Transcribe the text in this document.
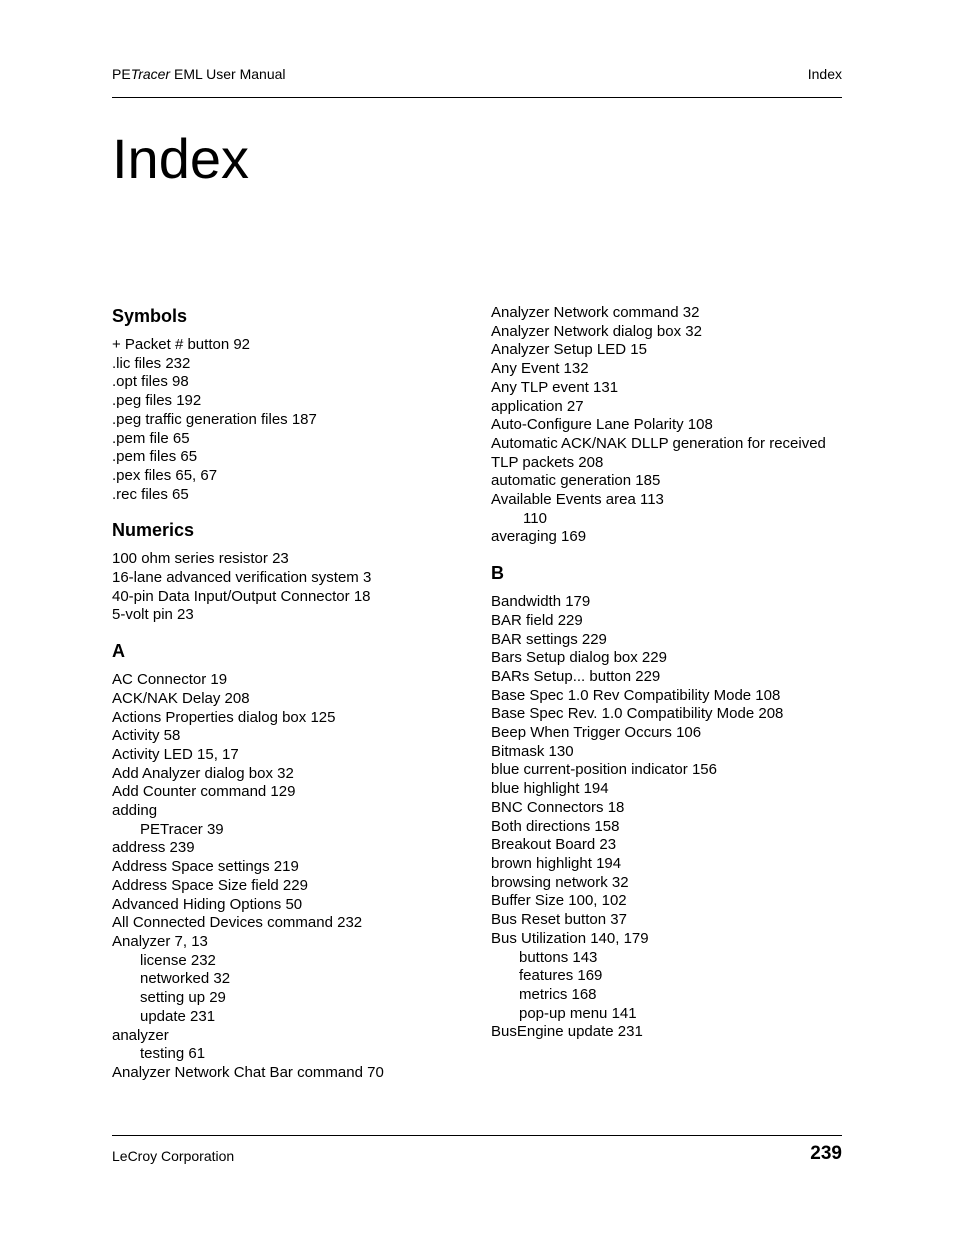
PETracer EML User Manual	Index
Index
Symbols
+ Packet # button 92
.lic files 232
.opt files 98
.peg files 192
.peg traffic generation files 187
.pem file 65
.pem files 65
.pex files 65, 67
.rec files 65
Numerics
100 ohm series resistor 23
16-lane advanced verification system 3
40-pin Data Input/Output Connector 18
5-volt pin 23
A
AC Connector 19
ACK/NAK Delay 208
Actions Properties dialog box 125
Activity 58
Activity LED 15, 17
Add Analyzer dialog box 32
Add Counter command 129
adding
PETracer 39
address 239
Address Space settings 219
Address Space Size field 229
Advanced Hiding Options 50
All Connected Devices command 232
Analyzer 7, 13
license 232
networked 32
setting up 29
update 231
analyzer
testing 61
Analyzer Network Chat Bar command 70
Analyzer Network command 32
Analyzer Network dialog box 32
Analyzer Setup LED 15
Any Event 132
Any TLP event 131
application 27
Auto-Configure Lane Polarity 108
Automatic ACK/NAK DLLP generation for received
TLP packets 208
automatic generation 185
Available Events area 113
110
averaging 169
B
Bandwidth 179
BAR field 229
BAR settings 229
Bars Setup dialog box 229
BARs Setup... button 229
Base Spec 1.0 Rev Compatibility Mode 108
Base Spec Rev. 1.0 Compatibility Mode 208
Beep When Trigger Occurs 106
Bitmask 130
blue current-position indicator 156
blue highlight 194
BNC Connectors 18
Both directions 158
Breakout Board 23
brown highlight 194
browsing network 32
Buffer Size 100, 102
Bus Reset button 37
Bus Utilization 140, 179
buttons 143
features 169
metrics 168
pop-up menu 141
BusEngine update 231
LeCroy Corporation	239
